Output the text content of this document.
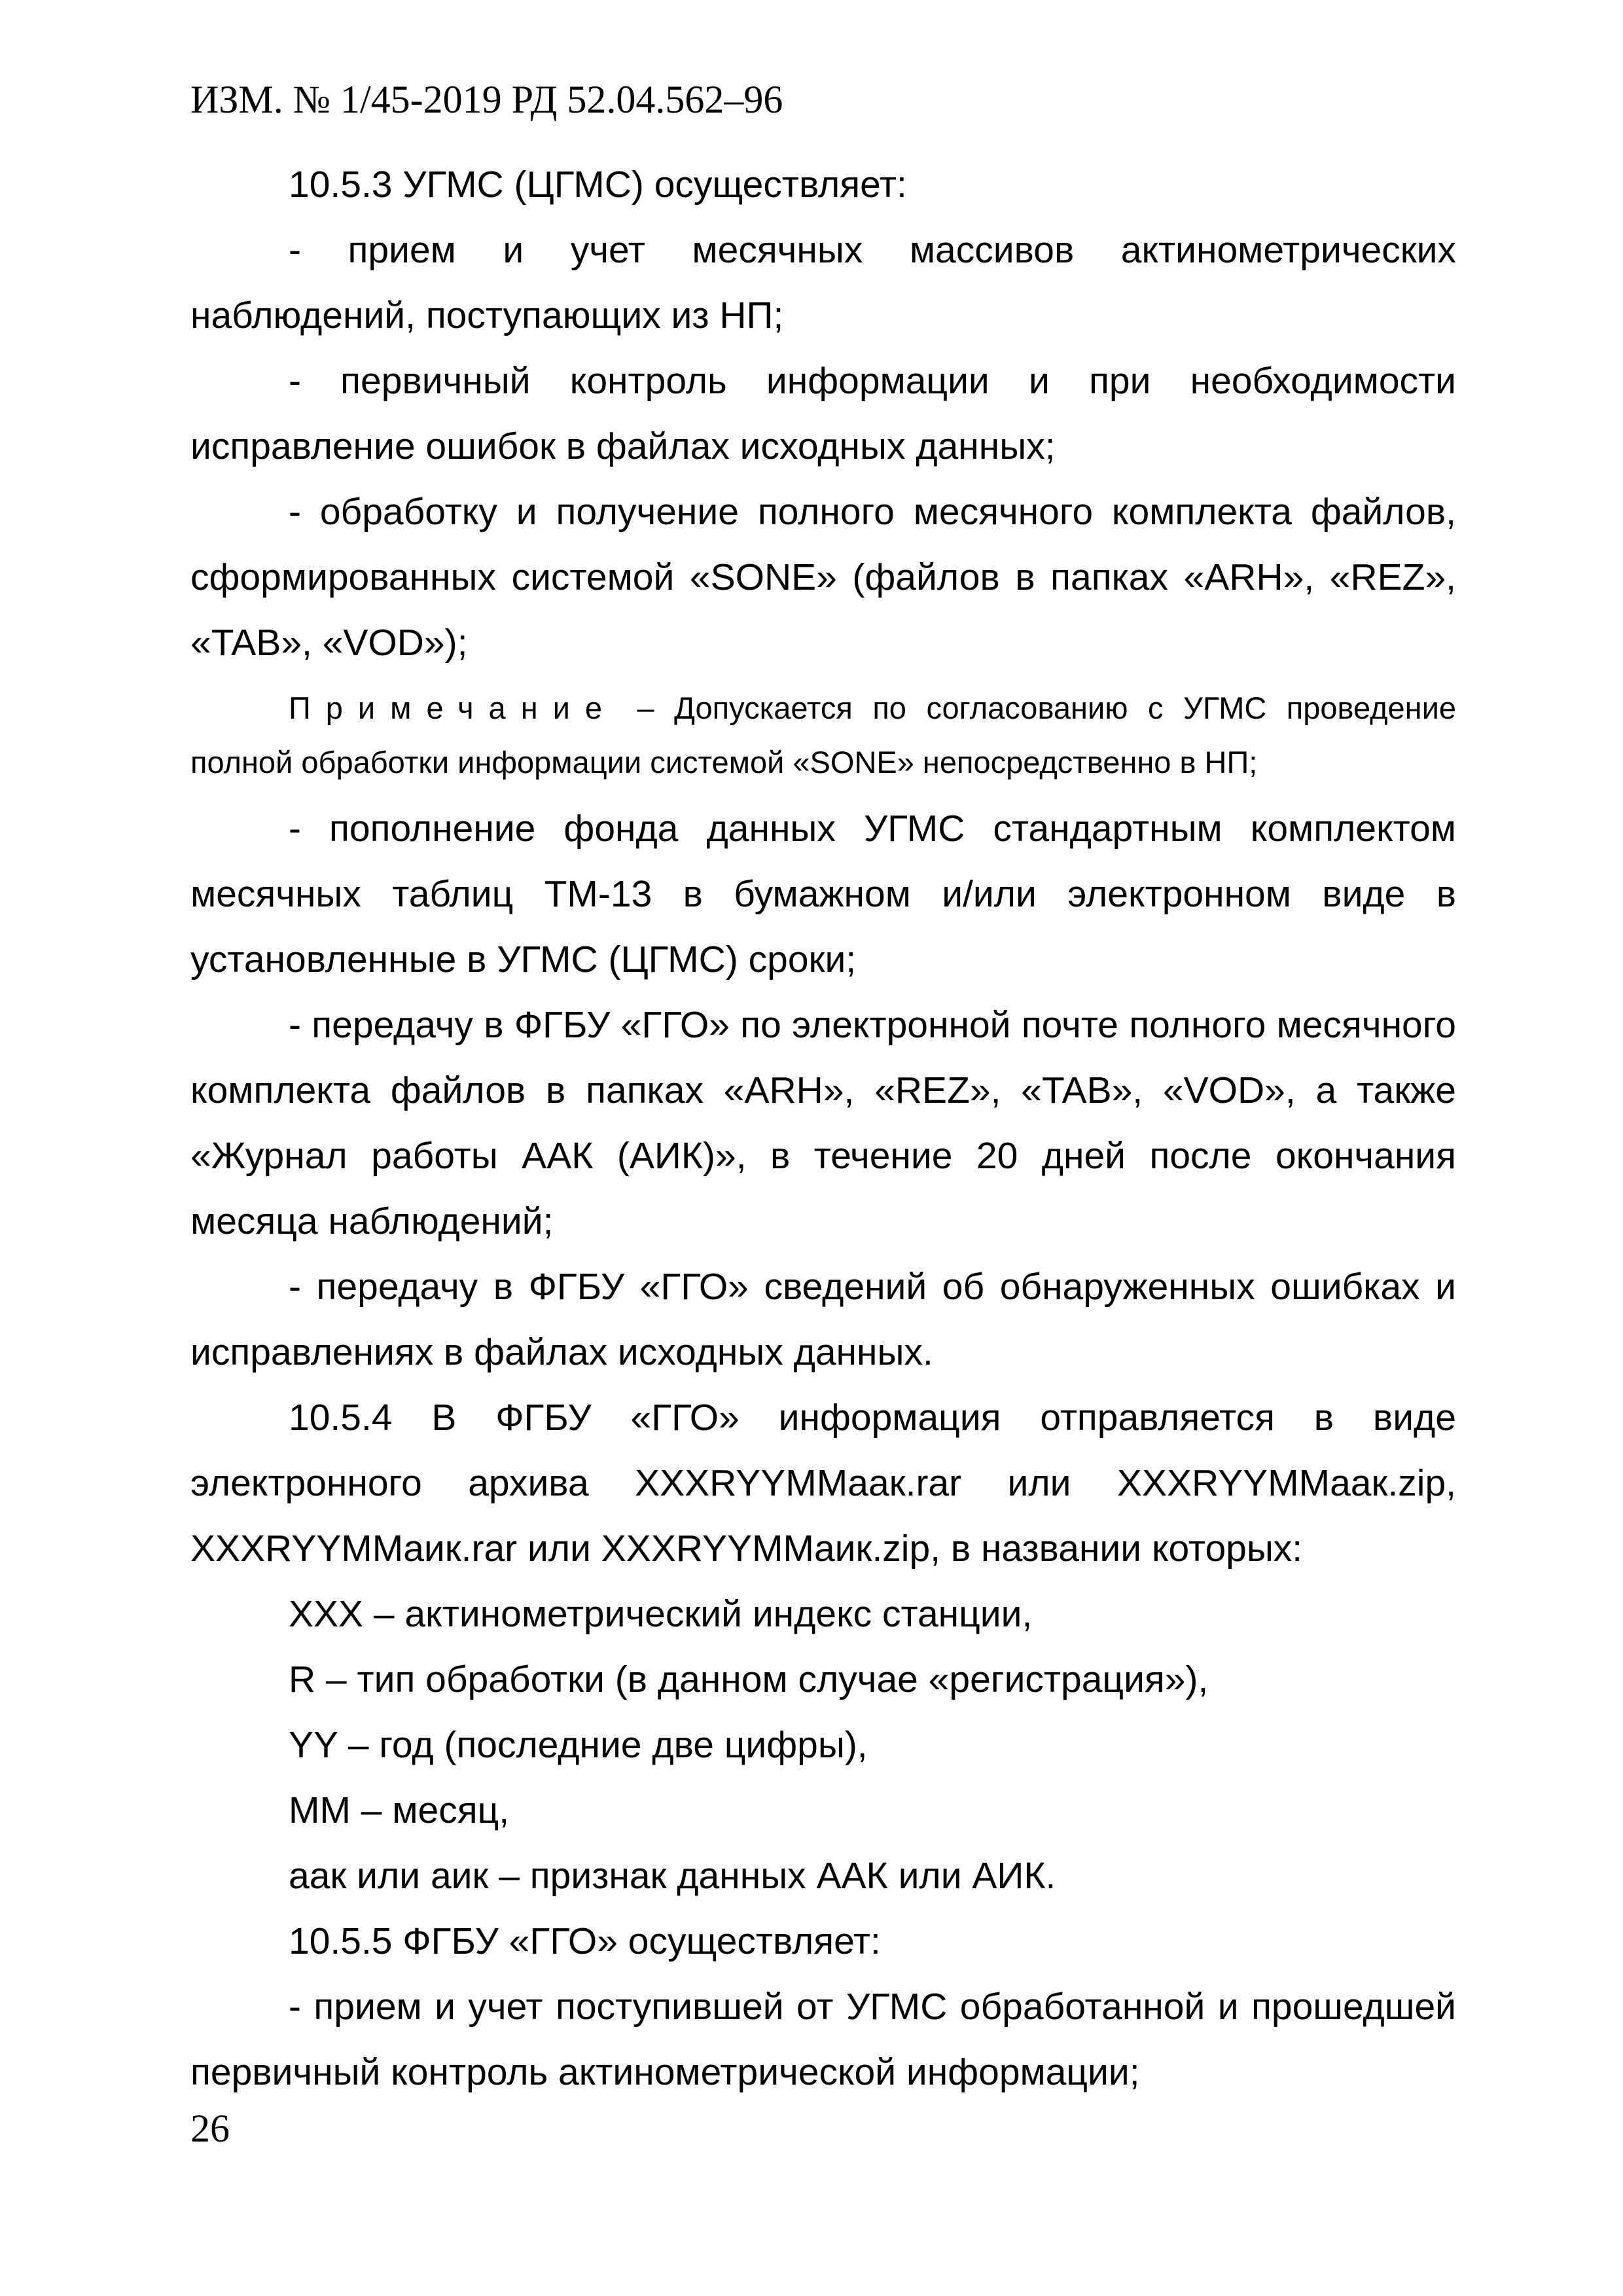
ИЗМ. № 1/45-2019 РД 52.04.562–96

10.5.3 УГМС (ЦГМС) осуществляет:

- прием и учет месячных массивов актинометрических наблюдений, поступающих из НП;

- первичный контроль информации и при необходимости исправление ошибок в файлах исходных данных;

- обработку и получение полного месячного комплекта файлов, сформированных системой «SONE» (файлов в папках «ARH», «REZ», «TAB», «VOD»);

Примечание – Допускается по согласованию с УГМС проведение полной обработки информации системой «SONE» непосредственно в НП;

- пополнение фонда данных УГМС стандартным комплектом месячных таблиц ТМ-13 в бумажном и/или электронном виде в установленные в УГМС (ЦГМС) сроки;

- передачу в ФГБУ «ГГО» по электронной почте полного месячного комплекта файлов в папках «ARH», «REZ», «TAB», «VOD», а также «Журнал работы ААК (АИК)», в течение 20 дней после окончания месяца наблюдений;

- передачу в ФГБУ «ГГО» сведений об обнаруженных ошибках и исправлениях в файлах исходных данных.

10.5.4 В ФГБУ «ГГО» информация отправляется в виде электронного архива XXXRYYMMаак.rar или XXXRYYMMаак.zip, XXXRYYMMаик.rar или XXXRYYMMаик.zip, в названии которых:

XXX – актинометрический индекс станции,

R – тип обработки (в данном случае «регистрация»),

YY – год (последние две цифры),

MM – месяц,

аак или аик – признак данных ААК или АИК.

10.5.5 ФГБУ «ГГО» осуществляет:

- прием и учет поступившей от УГМС обработанной и прошедшей первичный контроль актинометрической информации;

26
